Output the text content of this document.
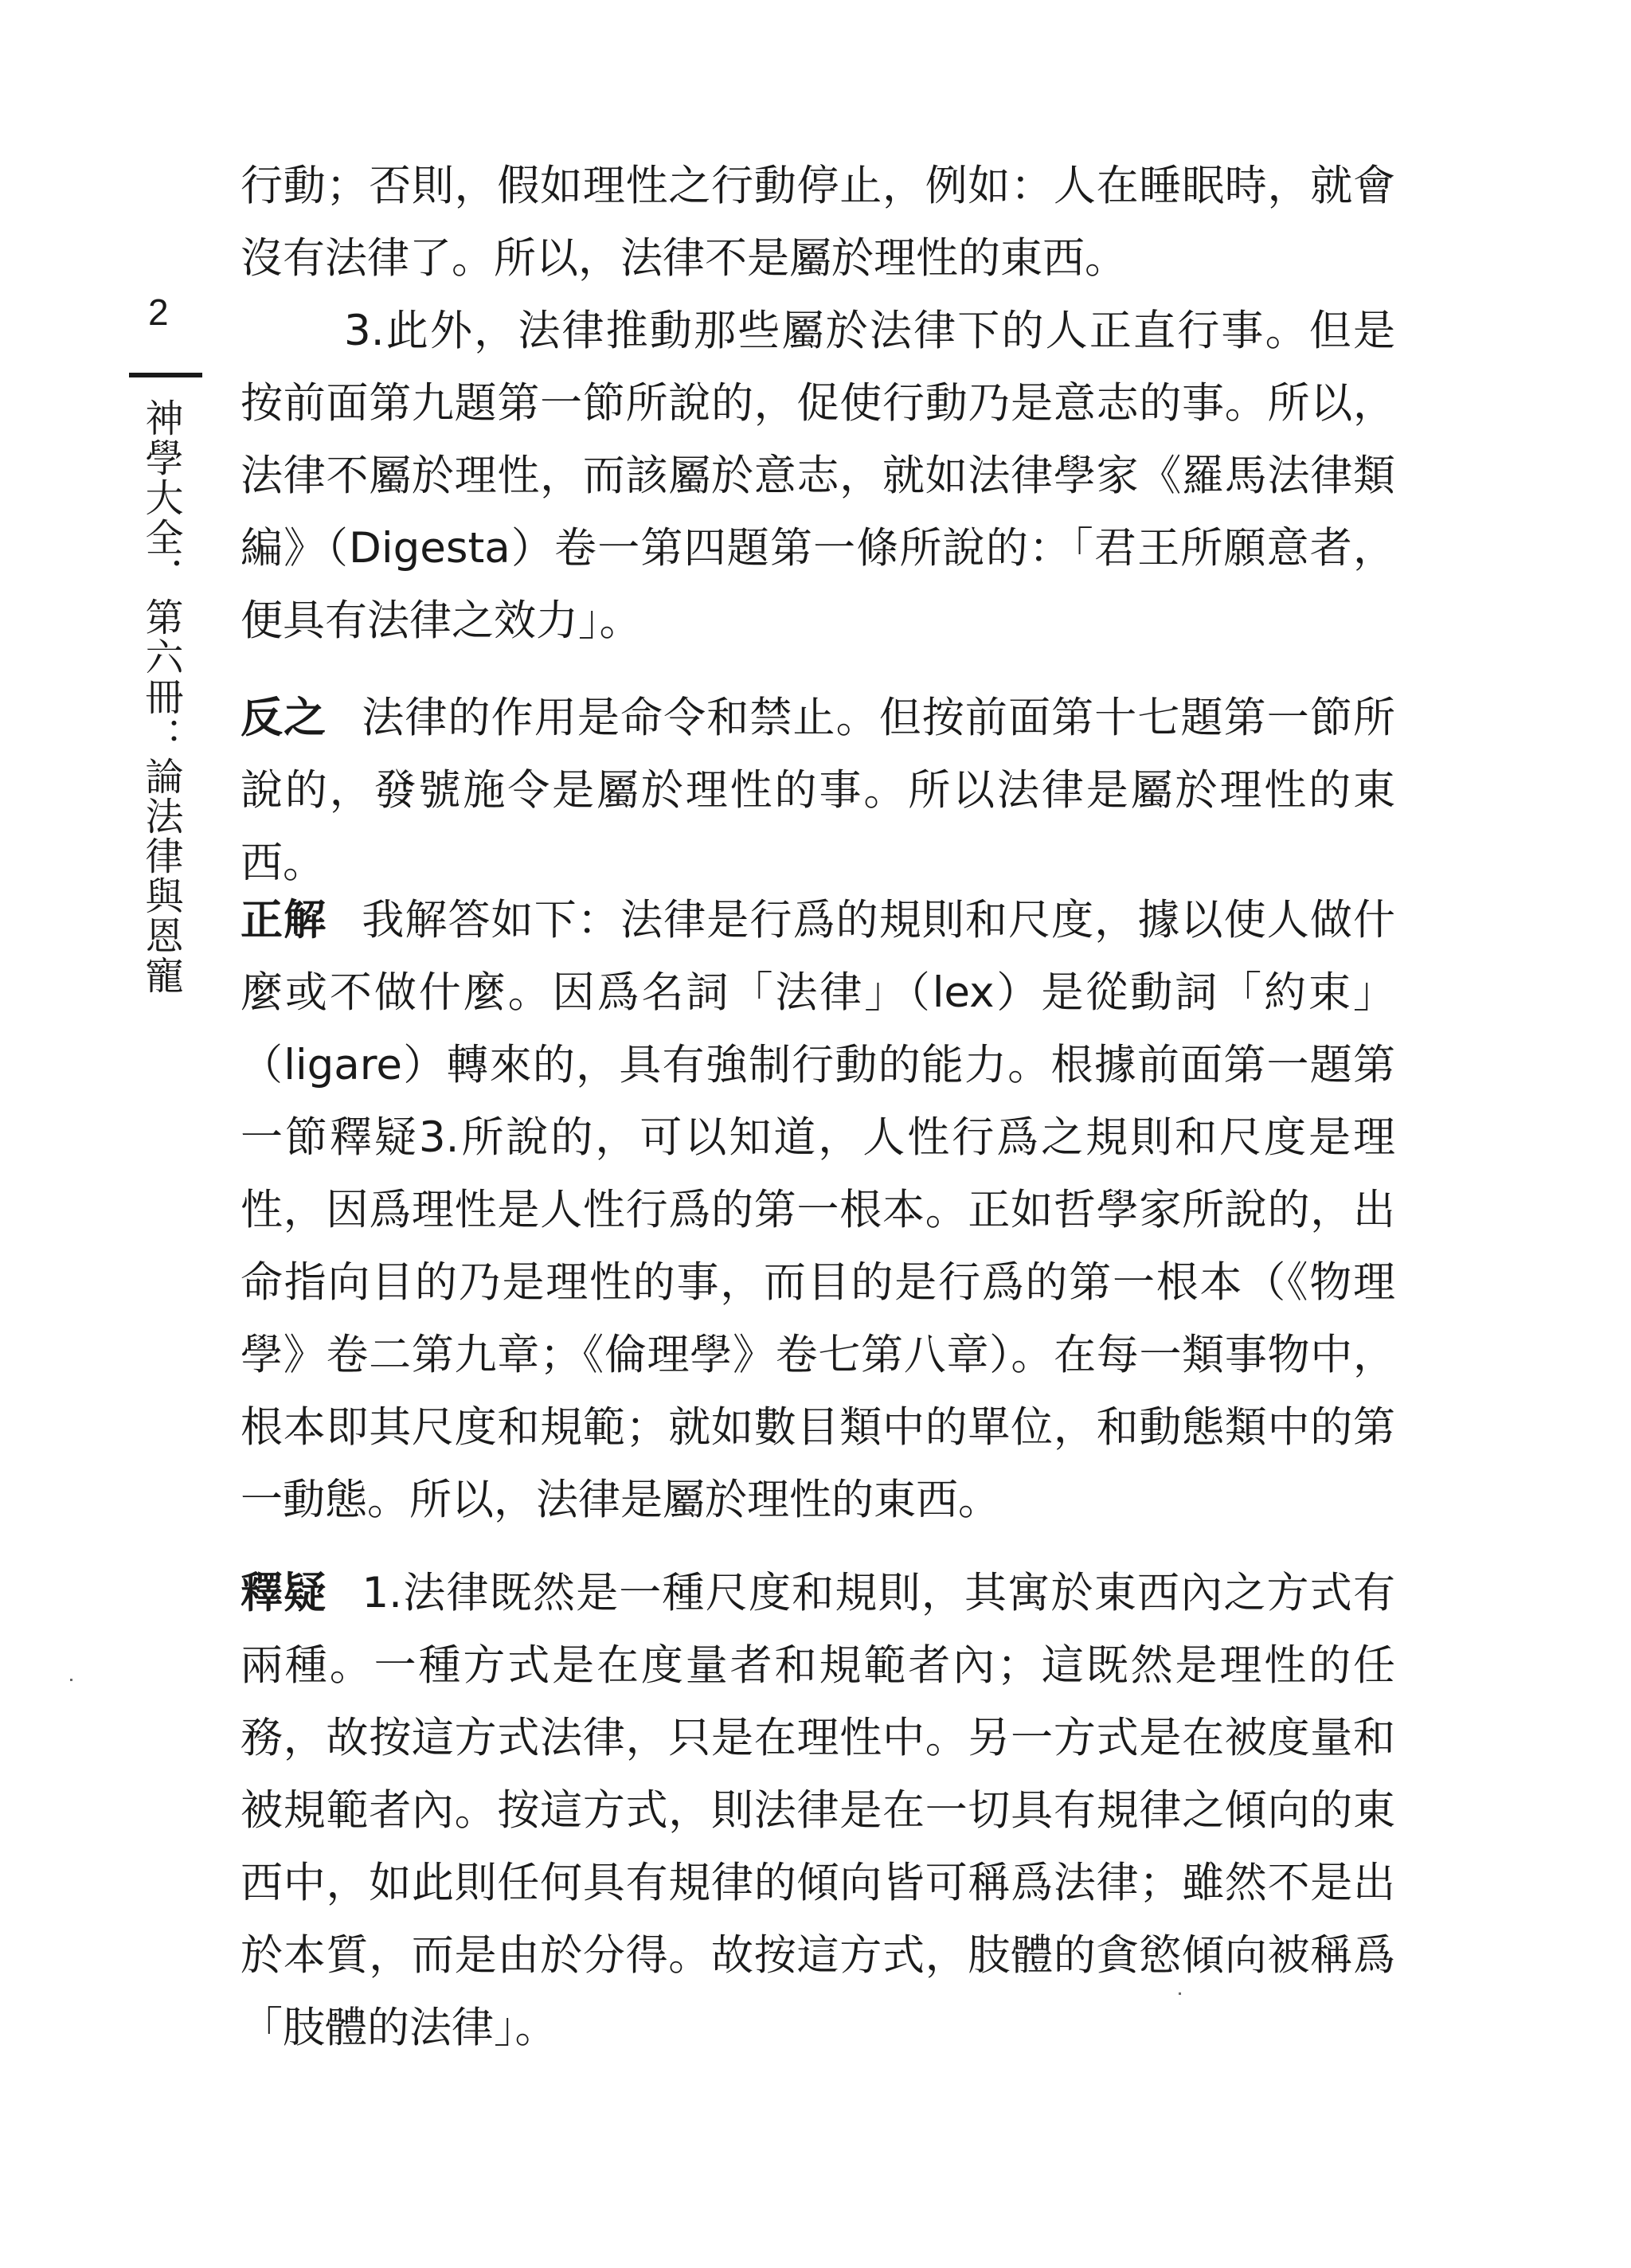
2
神學大全．第六冊：論法律與恩寵

行動；否則，假如理性之行動停止，例如：人在睡眠時，就會沒有法律了。所以，法律不是屬於理性的東西。

3.此外，法律推動那些屬於法律下的人正直行事。但是按前面第九題第一節所說的，促使行動乃是意志的事。所以，法律不屬於理性，而該屬於意志，就如法律學家《羅馬法律類編》（Digesta）卷一第四題第一條所說的：「君王所願意者，便具有法律之效力」。

反之 法律的作用是命令和禁止。但按前面第十七題第一節所說的，發號施令是屬於理性的事。所以法律是屬於理性的東西。

正解 我解答如下：法律是行爲的規則和尺度，據以使人做什麼或不做什麼。因爲名詞「法律」（lex）是從動詞「約束」（ligare）轉來的，具有強制行動的能力。根據前面第一題第一節釋疑3.所說的，可以知道，人性行爲之規則和尺度是理性，因爲理性是人性行爲的第一根本。正如哲學家所說的，出命指向目的乃是理性的事，而目的是行爲的第一根本（《物理學》卷二第九章；《倫理學》卷七第八章）。在每一類事物中，根本即其尺度和規範；就如數目類中的單位，和動態類中的第一動態。所以，法律是屬於理性的東西。

釋疑 1.法律既然是一種尺度和規則，其寓於東西內之方式有兩種。一種方式是在度量者和規範者內；這既然是理性的任務，故按這方式法律，只是在理性中。另一方式是在被度量和被規範者內。按這方式，則法律是在一切具有規律之傾向的東西中，如此則任何具有規律的傾向皆可稱爲法律；雖然不是出於本質，而是由於分得。故按這方式，肢體的貪慾傾向被稱爲「肢體的法律」。
